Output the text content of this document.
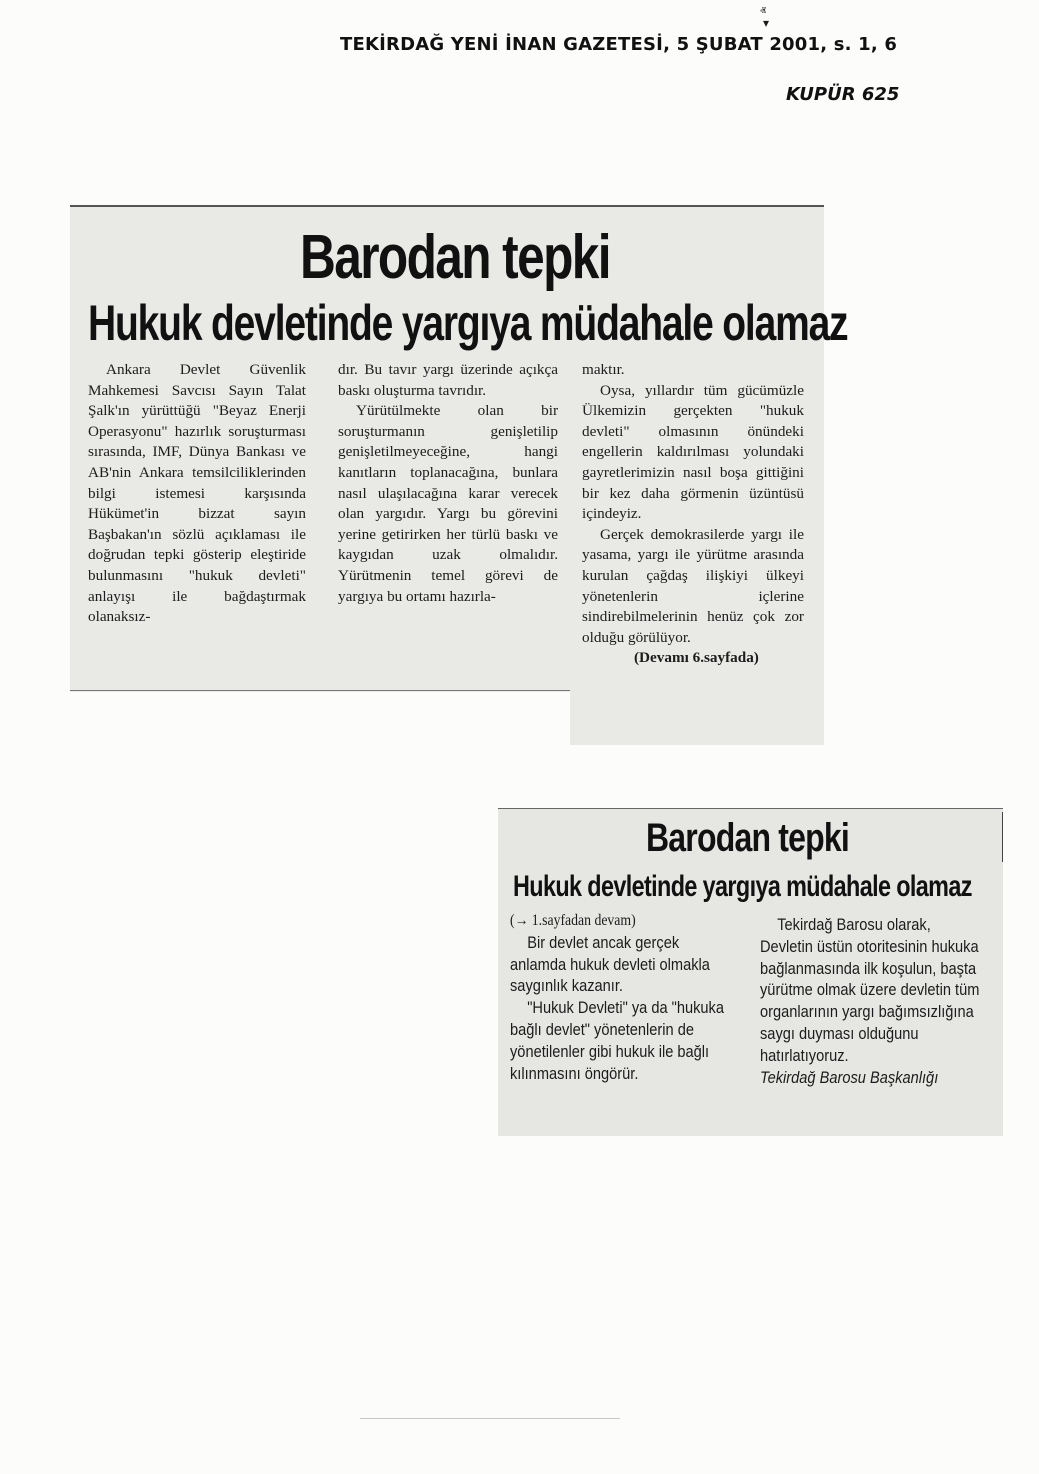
ⱏ
▾
TEKİRDAĞ YENİ İNAN GAZETESİ, 5 ŞUBAT 2001, s. 1, 6
KUPÜR 625
Barodan tepki
Hukuk devletinde yargıya müdahale olamaz

Ankara Devlet Güvenlik Mahkemesi Savcısı Sayın Talat Şalk'ın yürüttüğü "Beyaz Enerji Operasyonu" hazırlık soruşturması sırasında, IMF, Dünya Bankası ve AB'nin Ankara temsilciliklerinden bilgi istemesi karşısında Hükümet'in bizzat sayın Başbakan'ın sözlü açıklaması ile doğrudan tepki gösterip eleştiride bulunmasını "hukuk devleti" anlayışı ile bağdaştırmak olanaksız-

dır. Bu tavır yargı üzerinde açıkça baskı oluşturma tavrıdır.

Yürütülmekte olan bir soruşturmanın genişletilip genişletilmeyeceğine, hangi kanıtların toplanacağına, bunlara nasıl ulaşılacağına karar verecek olan yargıdır. Yargı bu görevini yerine getirirken her türlü baskı ve kaygıdan uzak olmalıdır. Yürütmenin temel görevi de yargıya bu ortamı hazırla-

maktır.

Oysa, yıllardır tüm gücümüzle Ülkemizin gerçekten "hukuk devleti" olmasının önündeki engellerin kaldırılması yolundaki gayretlerimizin nasıl boşa gittiğini bir kez daha görmenin üzüntüsü içindeyiz.

Gerçek demokrasilerde yargı ile yasama, yargı ile yürütme arasında kurulan çağdaş ilişkiyi ülkeyi yönetenlerin içlerine sindirebilmelerinin henüz çok zor olduğu görülüyor.

(Devamı 6.sayfada)

Barodan tepki
Hukuk devletinde yargıya müdahale olamaz

(→ 1.sayfadan devam)

Bir devlet ancak gerçek anlamda hukuk devleti olmakla saygınlık kazanır.

"Hukuk Devleti" ya da "hukuka bağlı devlet" yönetenlerin de yönetilenler gibi hukuk ile bağlı kılınmasını öngörür.

Tekirdağ Barosu olarak, Devletin üstün otoritesinin hukuka bağlanmasında ilk koşulun, başta yürütme olmak üzere devletin tüm organlarının yargı bağımsızlığına saygı duyması olduğunu hatırlatıyoruz.

Tekirdağ Barosu Başkanlığı
